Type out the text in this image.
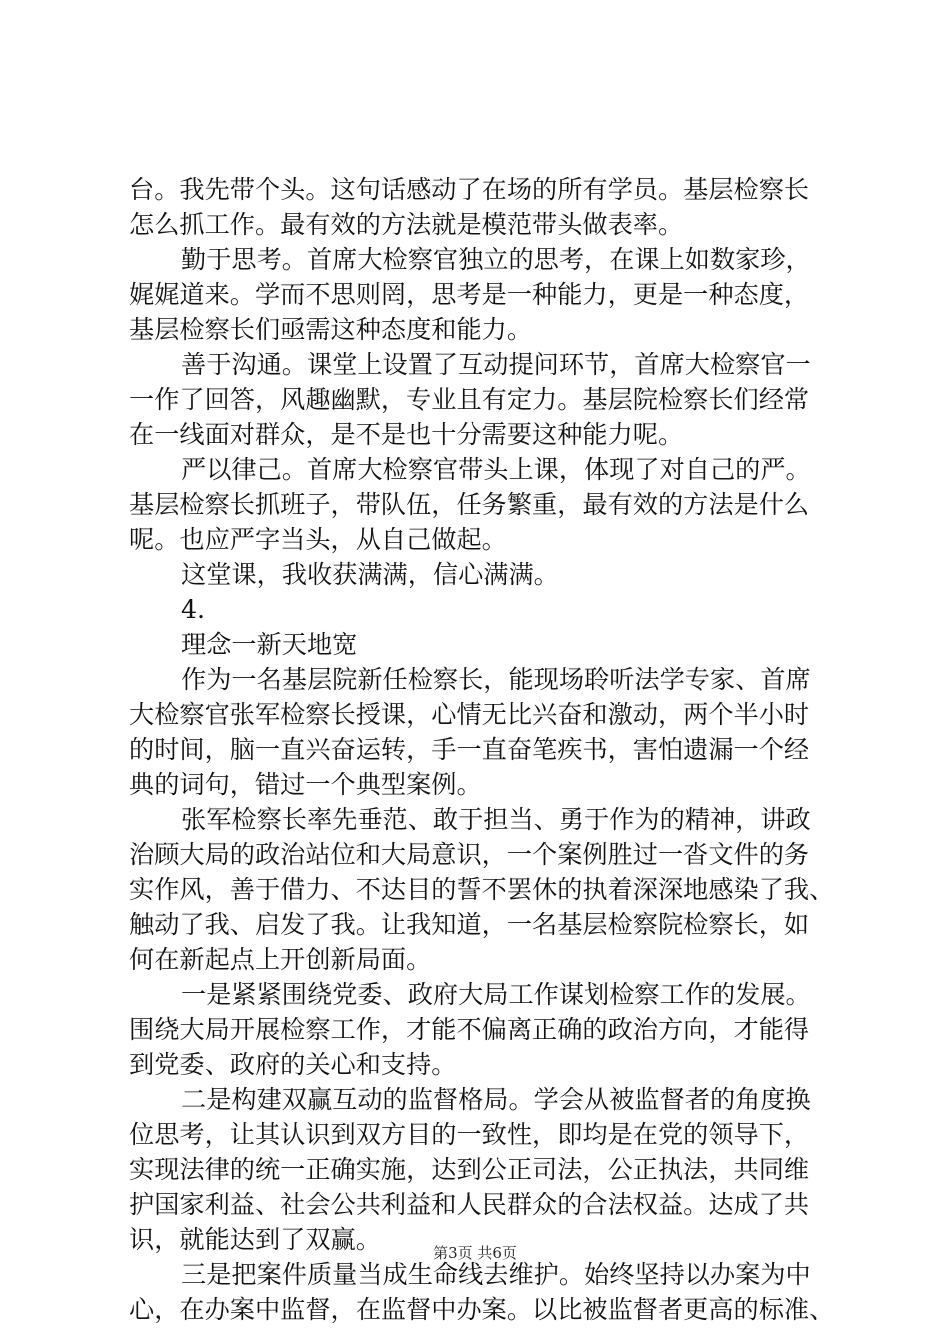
台。我先带个头。这句话感动了在场的所有学员。基层检察长
怎么抓工作。最有效的方法就是模范带头做表率。
勤于思考。首席大检察官独立的思考，在课上如数家珍，
娓娓道来。学而不思则罔，思考是一种能力，更是一种态度，
基层检察长们亟需这种态度和能力。
善于沟通。课堂上设置了互动提问环节，首席大检察官一
一作了回答，风趣幽默，专业且有定力。基层院检察长们经常
在一线面对群众，是不是也十分需要这种能力呢。
严以律己。首席大检察官带头上课，体现了对自己的严。
基层检察长抓班子，带队伍，任务繁重，最有效的方法是什么
呢。也应严字当头，从自己做起。
这堂课，我收获满满，信心满满。
4.
理念一新天地宽
作为一名基层院新任检察长，能现场聆听法学专家、首席
大检察官张军检察长授课，心情无比兴奋和激动，两个半小时
的时间，脑一直兴奋运转，手一直奋笔疾书，害怕遗漏一个经
典的词句，错过一个典型案例。
张军检察长率先垂范、敢于担当、勇于作为的精神，讲政
治顾大局的政治站位和大局意识，一个案例胜过一沓文件的务
实作风，善于借力、不达目的誓不罢休的执着深深地感染了我、
触动了我、启发了我。让我知道，一名基层检察院检察长，如
何在新起点上开创新局面。
一是紧紧围绕党委、政府大局工作谋划检察工作的发展。
围绕大局开展检察工作，才能不偏离正确的政治方向，才能得
到党委、政府的关心和支持。
二是构建双赢互动的监督格局。学会从被监督者的角度换
位思考，让其认识到双方目的一致性，即均是在党的领导下，
实现法律的统一正确实施，达到公正司法，公正执法，共同维
护国家利益、社会公共利益和人民群众的合法权益。达成了共
识，就能达到了双赢。
三是把案件质量当成生命线去维护。始终坚持以办案为中
心，在办案中监督，在监督中办案。以比被监督者更高的标准、
第3页 共6页
